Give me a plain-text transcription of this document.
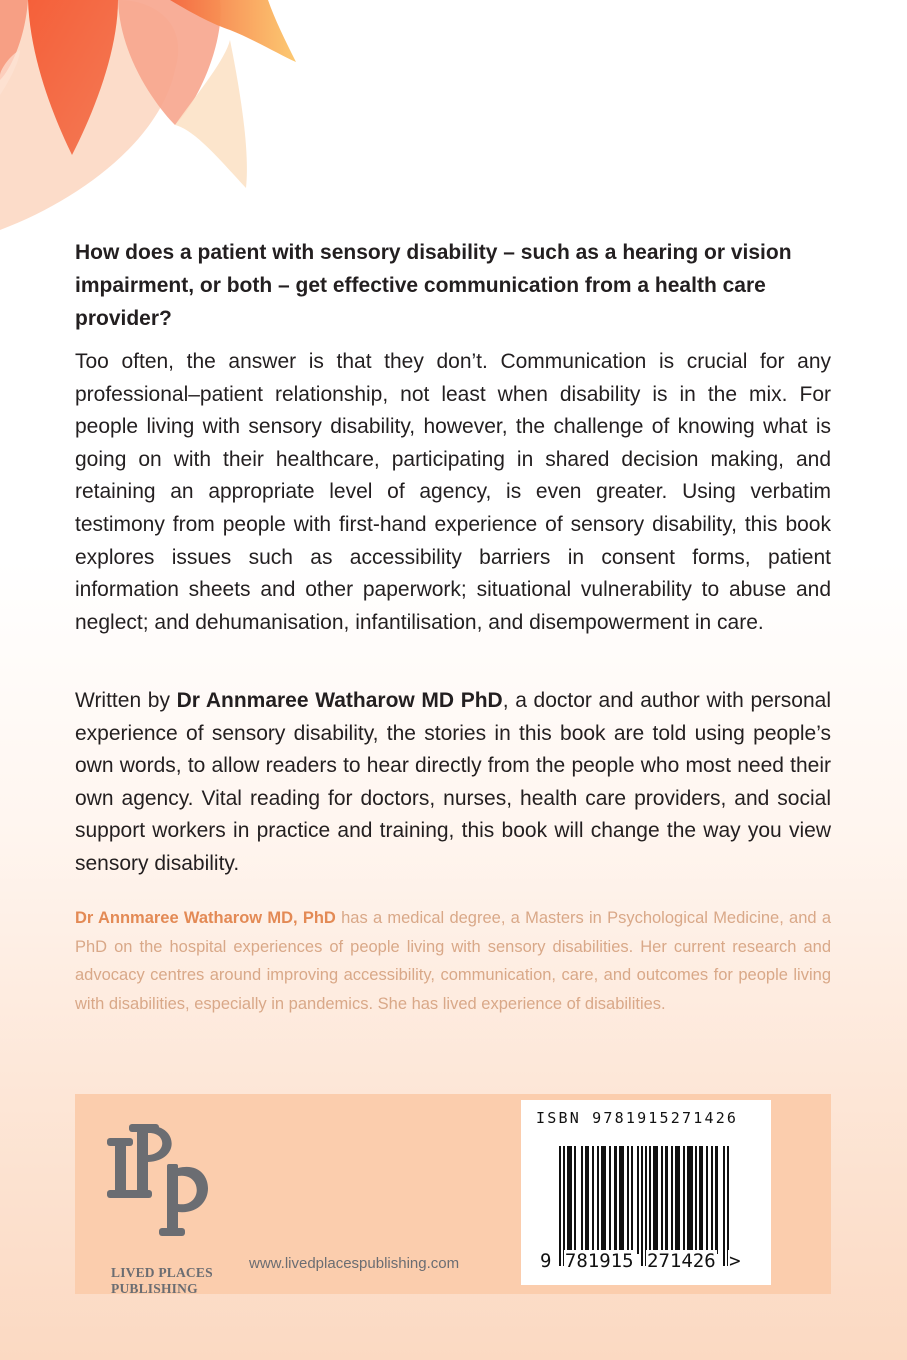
How does a patient with sensory disability – such as a hearing or vision impairment, or both – get effective communication from a health care provider?
Too often, the answer is that they don’t. Communication is crucial for any professional–patient relationship, not least when disability is in the mix. For people living with sensory disability, however, the challenge of knowing what is going on with their healthcare, participating in shared decision making, and retaining an appropriate level of agency, is even greater. Using verbatim testimony from people with first-hand experience of sensory disability, this book explores issues such as accessibility barriers in consent forms, patient information sheets and other paperwork; situational vulnerability to abuse and neglect; and dehumanisation, infantilisation, and disempowerment in care.
Written by Dr Annmaree Watharow MD PhD, a doctor and author with personal experience of sensory disability, the stories in this book are told using people’s own words, to allow readers to hear directly from the people who most need their own agency. Vital reading for doctors, nurses, health care providers, and social support workers in practice and training, this book will change the way you view sensory disability.
Dr Annmaree Watharow MD, PhD has a medical degree, a Masters in Psychological Medicine, and a PhD on the hospital experiences of people living with sensory disabilities. Her current research and advocacy centres around improving accessibility, communication, care, and outcomes for people living with disabilities, especially in pandemics. She has lived experience of disabilities.
LIVED PLACES
PUBLISHING
www.livedplacespublishing.com
ISBN 9781915271426
9 781915 271426 >
